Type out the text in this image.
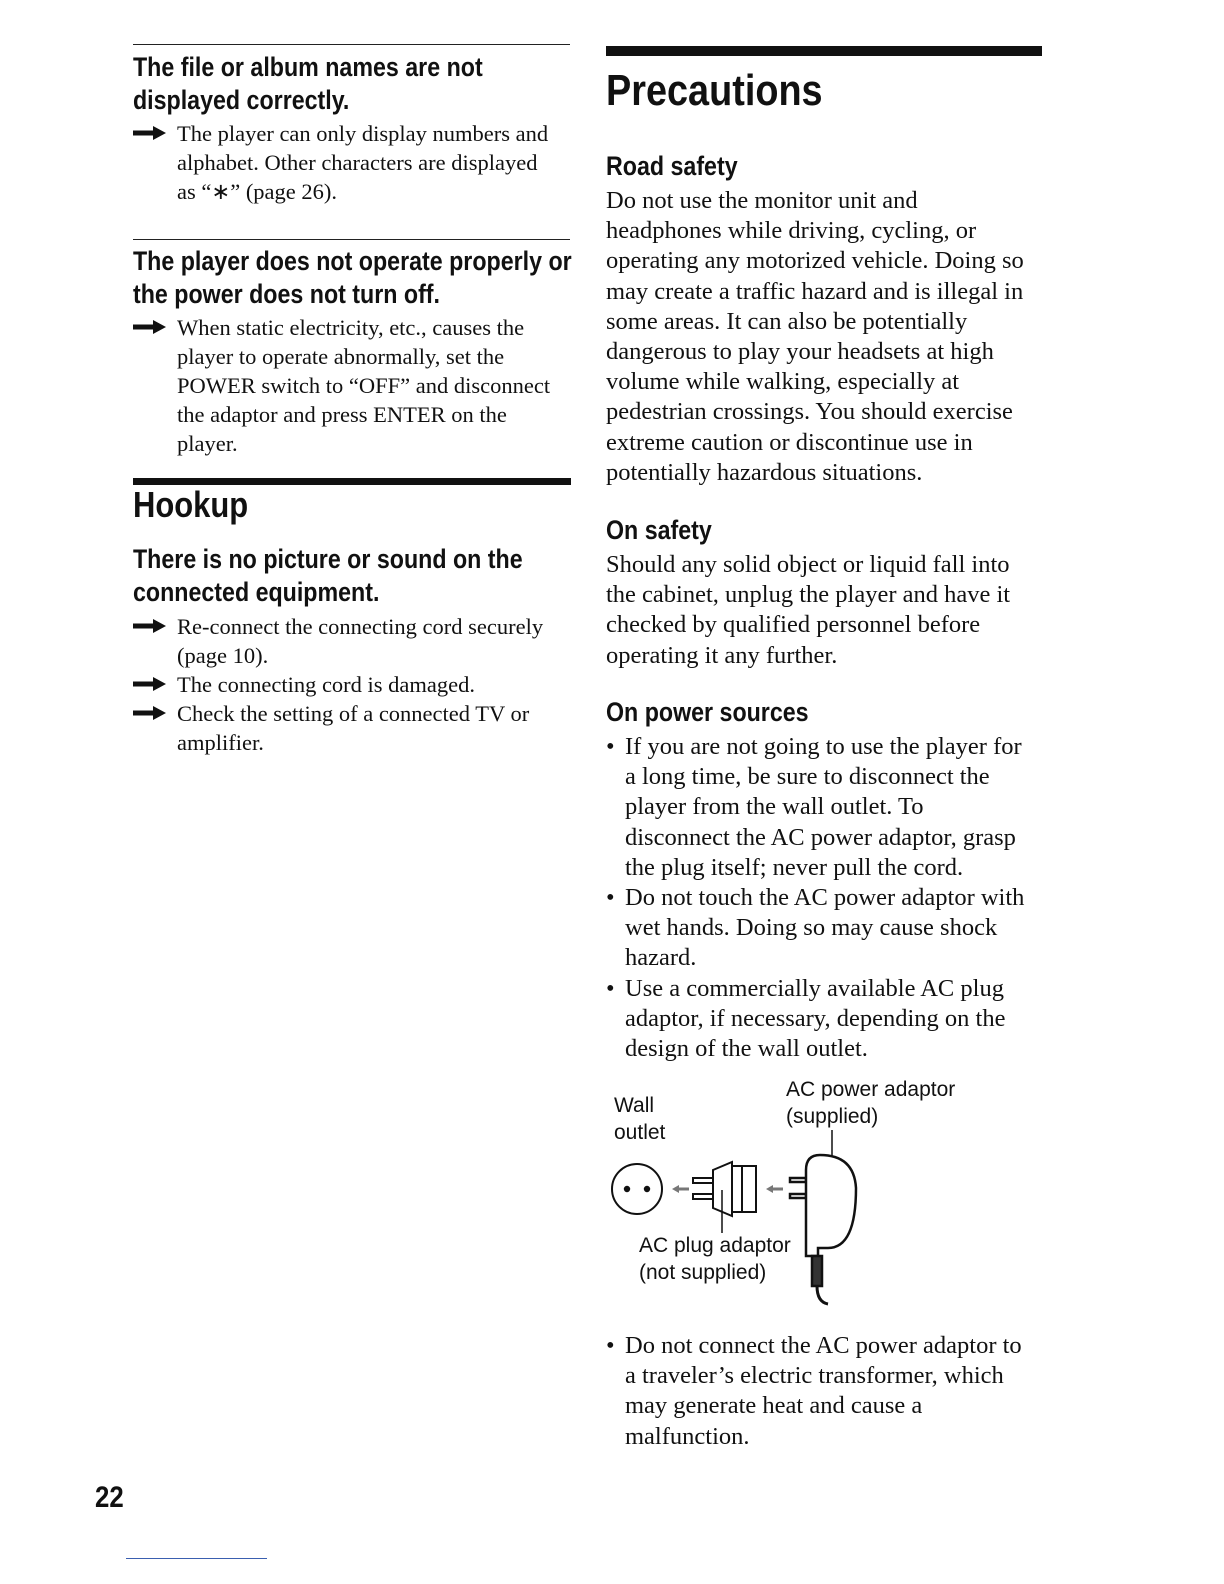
The file or album names are not
displayed correctly.
The player can only display numbers and
alphabet. Other characters are displayed
as “∗” (page 26).
The player does not operate properly or
the power does not turn off.
When static electricity, etc., causes the
player to operate abnormally, set the
POWER switch to “OFF” and disconnect
the adaptor and press ENTER on the
player.
Hookup
There is no picture or sound on the
connected equipment.
Re-connect the connecting cord securely
(page 10).
The connecting cord is damaged.
Check the setting of a connected TV or
amplifier.
Precautions
Road safety

Do not use the monitor unit and
headphones while driving, cycling, or
operating any motorized vehicle. Doing so
may create a traffic hazard and is illegal in
some areas. It can also be potentially
dangerous to play your headsets at high
volume while walking, especially at
pedestrian crossings. You should exercise
extreme caution or discontinue use in
potentially hazardous situations.

On safety

Should any solid object or liquid fall into
the cabinet, unplug the player and have it
checked by qualified personnel before
operating it any further.

On power sources
• If you are not going to use the player for
a long time, be sure to disconnect the
player from the wall outlet. To
disconnect the AC power adaptor, grasp
the plug itself; never pull the cord.
• Do not touch the AC power adaptor with
wet hands. Doing so may cause shock
hazard.
• Use a commercially available AC plug
adaptor, if necessary, depending on the
design of the wall outlet.
Wall
outlet
AC power adaptor
(supplied)
AC plug adaptor
(not supplied)
• Do not connect the AC power adaptor to
a traveler’s electric transformer, which
may generate heat and cause a
malfunction.

22
